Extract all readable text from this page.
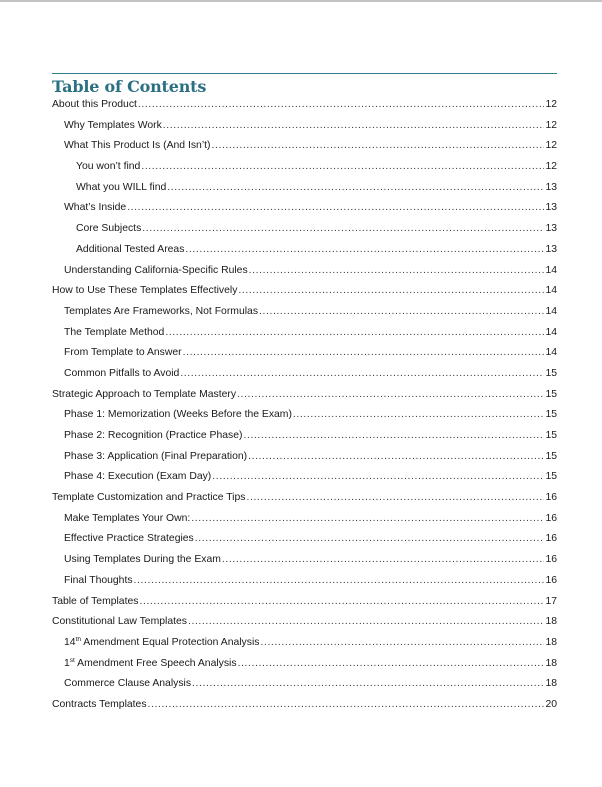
Table of Contents
About this Product .....	12
Why Templates Work .....	12
What This Product Is (And Isn’t) .....	12
You won’t find .....	12
What you WILL find .....	13
What’s Inside .....	13
Core Subjects .....	13
Additional Tested Areas .....	13
Understanding California-Specific Rules .....	14
How to Use These Templates Effectively .....	14
Templates Are Frameworks, Not Formulas .....	14
The Template Method .....	14
From Template to Answer .....	14
Common Pitfalls to Avoid .....	15
Strategic Approach to Template Mastery .....	15
Phase 1: Memorization (Weeks Before the Exam) .....	15
Phase 2: Recognition (Practice Phase) .....	15
Phase 3: Application (Final Preparation) .....	15
Phase 4: Execution (Exam Day) .....	15
Template Customization and Practice Tips .....	16
Make Templates Your Own: .....	16
Effective Practice Strategies .....	16
Using Templates During the Exam .....	16
Final Thoughts .....	16
Table of Templates .....	17
Constitutional Law Templates .....	18
14th Amendment Equal Protection Analysis .....	18
1st Amendment Free Speech Analysis .....	18
Commerce Clause Analysis .....	18
Contracts Templates .....	20
